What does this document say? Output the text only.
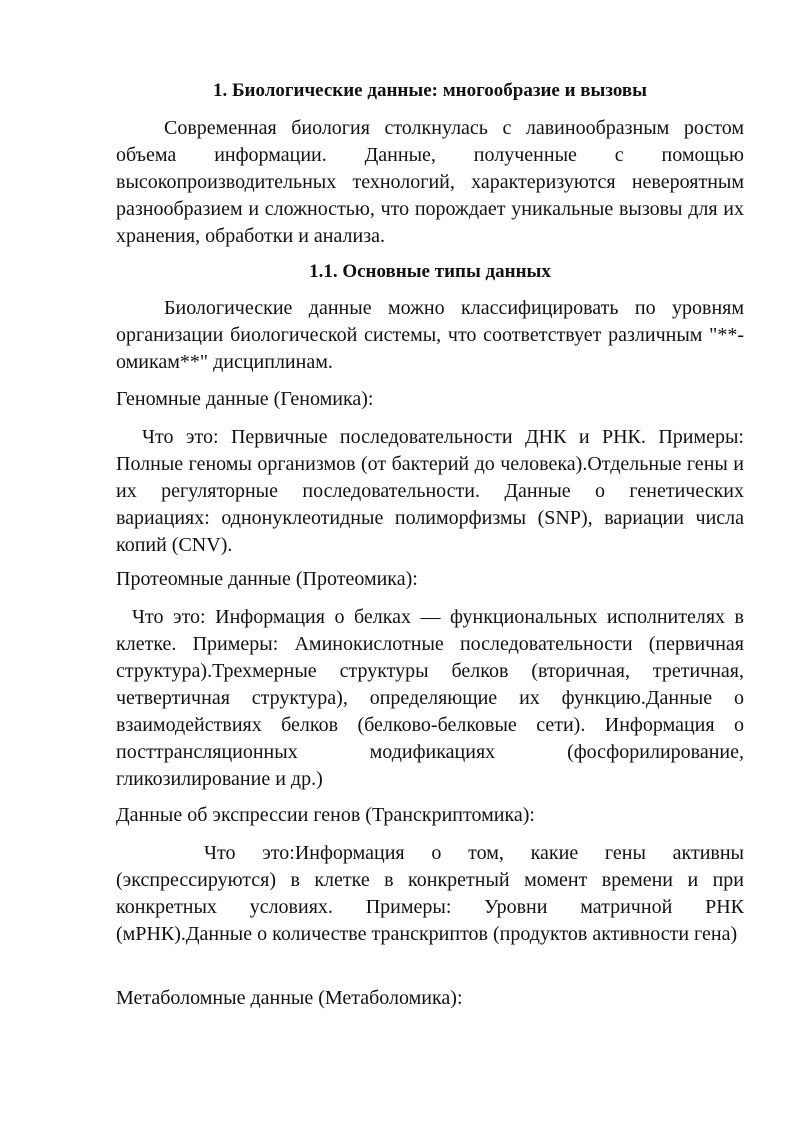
1. Биологические данные: многообразие и вызовы

Современная биология столкнулась с лавинообразным ростом объема информации. Данные, полученные с помощью высокопроизводительных технологий, характеризуются невероятным разнообразием и сложностью, что порождает уникальные вызовы для их хранения, обработки и анализа.

1.1. Основные типы данных

Биологические данные можно классифицировать по уровням организации биологической системы, что соответствует различным "**-омикам**" дисциплинам.

Геномные данные (Геномика):

Что это: Первичные последовательности ДНК и РНК. Примеры: Полные геномы организмов (от бактерий до человека).Отдельные гены и их регуляторные последовательности. Данные о генетических вариациях: однонуклеотидные полиморфизмы (SNP), вариации числа копий (CNV).

Протеомные данные (Протеомика):

Что это: Информация о белках — функциональных исполнителях в клетке. Примеры: Аминокислотные последовательности (первичная структура).Трехмерные структуры белков (вторичная, третичная, четвертичная структура), определяющие их функцию.Данные о взаимодействиях белков (белково-белковые сети). Информация о посттрансляционных модификациях (фосфорилирование, гликозилирование и др.)

Данные об экспрессии генов (Транскриптомика):

Что это:Информация о том, какие гены активны (экспрессируются) в клетке в конкретный момент времени и при конкретных условиях. Примеры: Уровни матричной РНК (мРНК).Данные о количестве транскриптов (продуктов активности гена)

Метаболомные данные (Метаболомика):
